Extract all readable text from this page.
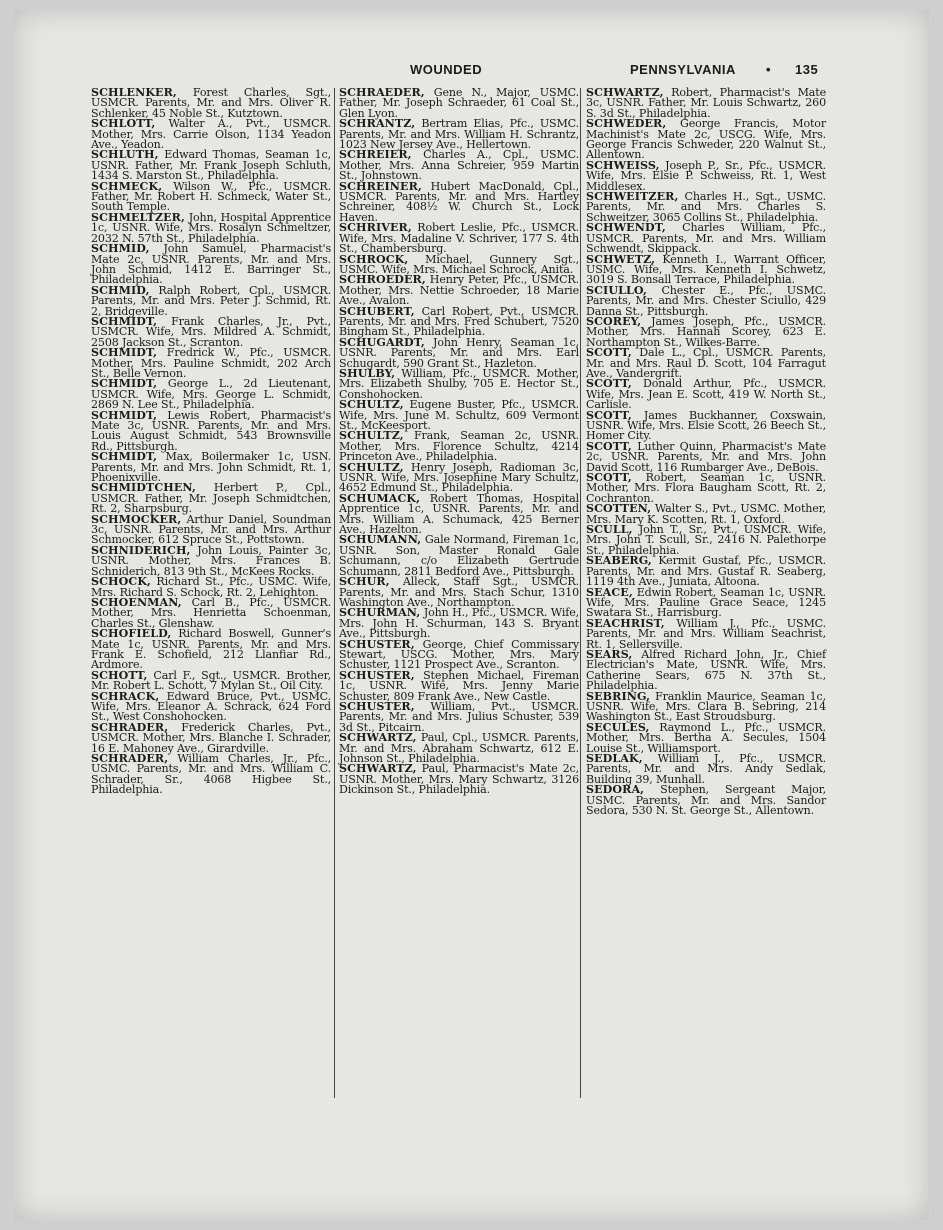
WOUNDED	PENNSYLVANIA • 135

SCHLENKER, Forest Charles, Sgt., USMCR. Parents, Mr. and Mrs. Oliver R. Schlenker, 45 Noble St., Kutztown.

SCHLOTT, Walter A., Pvt., USMCR. Mother, Mrs. Carrie Olson, 1134 Yeadon Ave., Yeadon.

SCHLUTH, Edward Thomas, Seaman 1c, USNR. Father, Mr. Frank Joseph Schluth, 1434 S. Marston St., Philadelphia.

SCHMECK, Wilson W., Pfc., USMCR. Father, Mr. Robert H. Schmeck, Water St., South Temple.

SCHMELTZER, John, Hospital Apprentice 1c, USNR. Wife, Mrs. Rosalyn Schmeltzer, 2032 N. 57th St., Philadelphia.

SCHMID, John Samuel, Pharmacist's Mate 2c, USNR. Parents, Mr. and Mrs. John Schmid, 1412 E. Barringer St., Philadelphia.

SCHMID, Ralph Robert, Cpl., USMCR. Parents, Mr. and Mrs. Peter J. Schmid, Rt. 2, Bridgeville.

SCHMIDT, Frank Charles, Jr., Pvt., USMCR. Wife, Mrs. Mildred A. Schmidt, 2508 Jackson St., Scranton.

SCHMIDT, Fredrick W., Pfc., USMCR. Mother, Mrs. Pauline Schmidt, 202 Arch St., Belle Vernon.

SCHMIDT, George L., 2d Lieutenant, USMCR. Wife, Mrs. George L. Schmidt, 2869 N. Lee St., Philadelphia.

SCHMIDT, Lewis Robert, Pharmacist's Mate 3c, USNR. Parents, Mr. and Mrs. Louis August Schmidt, 543 Brownsville Rd., Pittsburgh.

SCHMIDT, Max, Boilermaker 1c, USN. Parents, Mr. and Mrs. John Schmidt, Rt. 1, Phoenixville.

SCHMIDTCHEN, Herbert P., Cpl., USMCR. Father, Mr. Joseph Schmidtchen, Rt. 2, Sharpsburg.

SCHMOCKER, Arthur Daniel, Soundman 3c, USNR. Parents, Mr. and Mrs. Arthur Schmocker, 612 Spruce St., Pottstown.

SCHNIDERICH, John Louis, Painter 3c, USNR. Mother, Mrs. Frances B. Schniderich, 813 9th St., McKees Rocks.

SCHOCK, Richard St., Pfc., USMC. Wife, Mrs. Richard S. Schock, Rt. 2, Lehighton.

SCHOENMAN, Carl B., Pfc., USMCR. Mother, Mrs. Henrietta Schoenman, Charles St., Glenshaw.

SCHOFIELD, Richard Boswell, Gunner's Mate 1c, USNR. Parents, Mr. and Mrs. Frank E. Schofield, 212 Llanfiar Rd., Ardmore.

SCHOTT, Carl F., Sgt., USMCR. Brother, Mr. Robert L. Schott, 7 Mylan St., Oil City.

SCHRACK, Edward Bruce, Pvt., USMC. Wife, Mrs. Eleanor A. Schrack, 624 Ford St., West Conshohocken.

SCHRADER, Frederick Charles, Pvt., USMCR. Mother, Mrs. Blanche I. Schrader, 16 E. Mahoney Ave., Girardville.

SCHRADER, William Charles, Jr., Pfc., USMC. Parents, Mr. and Mrs. William C. Schrader, Sr., 4068 Higbee St., Philadelphia.

SCHRAEDER, Gene N., Major, USMC. Father, Mr. Joseph Schraeder, 61 Coal St., Glen Lyon.

SCHRANTZ, Bertram Elias, Pfc., USMC. Parents, Mr. and Mrs. William H. Schrantz, 1023 New Jersey Ave., Hellertown.

SCHREIER, Charles A., Cpl., USMC. Mother, Mrs. Anna Schreier, 959 Martin St., Johnstown.

SCHREINER, Hubert MacDonald, Cpl., USMCR. Parents, Mr. and Mrs. Hartley Schreiner, 408½ W. Church St., Lock Haven.

SCHRIVER, Robert Leslie, Pfc., USMCR. Wife, Mrs. Madaline V. Schriver, 177 S. 4th St., Chambersburg.

SCHROCK, Michael, Gunnery Sgt., USMC. Wife, Mrs. Michael Schrock, Anita.

SCHROEDER, Henry Peter, Pfc., USMCR. Mother, Mrs. Nettie Schroeder, 18 Marie Ave., Avalon.

SCHUBERT, Carl Robert, Pvt., USMCR. Parents, Mr. and Mrs. Fred Schubert, 7520 Bingham St., Philadelphia.

SCHUGARDT, John Henry, Seaman 1c, USNR. Parents, Mr. and Mrs. Earl Schugardt, 590 Grant St., Hazleton.

SHULBY, William, Pfc., USMCR. Mother, Mrs. Elizabeth Shulby, 705 E. Hector St., Conshohocken.

SCHULTZ, Eugene Buster, Pfc., USMCR. Wife, Mrs. June M. Schultz, 609 Vermont St., McKeesport.

SCHULTZ, Frank, Seaman 2c, USNR. Mother, Mrs. Florence Schultz, 4214 Princeton Ave., Philadelphia.

SCHULTZ, Henry Joseph, Radioman 3c, USNR. Wife, Mrs. Josephine Mary Schultz, 4652 Edmund St., Philadelphia.

SCHUMACK, Robert Thomas, Hospital Apprentice 1c, USNR. Parents, Mr. and Mrs. William A. Schumack, 425 Berner Ave., Hazelton.

SCHUMANN, Gale Normand, Fireman 1c, USNR. Son, Master Ronald Gale Schumann, c/o Elizabeth Gertrude Schumann, 2811 Bedford Ave., Pittsburgh.

SCHUR, Alleck, Staff Sgt., USMCR. Parents, Mr. and Mrs. Stach Schur, 1310 Washington Ave., Northampton.

SCHURMAN, John H., Pfc., USMCR. Wife, Mrs. John H. Schurman, 143 S. Bryant Ave., Pittsburgh.

SCHUSTER, George, Chief Commissary Stewart, USCG. Mother, Mrs. Mary Schuster, 1121 Prospect Ave., Scranton.

SCHUSTER, Stephen Michael, Fireman 1c, USNR. Wife, Mrs. Jenny Marie Schuster, 809 Frank Ave., New Castle.

SCHUSTER, William, Pvt., USMCR. Parents, Mr. and Mrs. Julius Schuster, 539 3d St., Pitcairn.

SCHWARTZ, Paul, Cpl., USMCR. Parents, Mr. and Mrs. Abraham Schwartz, 612 E. Johnson St., Philadelphia.

SCHWARTZ, Paul, Pharmacist's Mate 2c, USNR. Mother, Mrs. Mary Schwartz, 3126 Dickinson St., Philadelphia.

SCHWARTZ, Robert, Pharmacist's Mate 3c, USNR. Father, Mr. Louis Schwartz, 260 S. 3d St., Philadelphia.

SCHWEDER, George Francis, Motor Machinist's Mate 2c, USCG. Wife, Mrs. George Francis Schweder, 220 Walnut St., Allentown.

SCHWEISS, Joseph P., Sr., Pfc., USMCR. Wife, Mrs. Elsie P. Schweiss, Rt. 1, West Middlesex.

SCHWEITZER, Charles H., Sgt., USMC. Parents, Mr. and Mrs. Charles S. Schweitzer, 3065 Collins St., Philadelphia.

SCHWENDT, Charles William, Pfc., USMCR. Parents, Mr. and Mrs. William Schwendt, Skippack.

SCHWETZ, Kenneth I., Warrant Officer, USMC. Wife, Mrs. Kenneth I. Schwetz, 3019 S. Bonsall Terrace, Philadelphia.

SCIULLO, Chester E., Pfc., USMC. Parents, Mr. and Mrs. Chester Sciullo, 429 Danna St., Pittsburgh.

SCOREY, James Joseph, Pfc., USMCR. Mother, Mrs. Hannah Scorey, 623 E. Northampton St., Wilkes-Barre.

SCOTT, Dale L., Cpl., USMCR. Parents, Mr. and Mrs. Raul D. Scott, 104 Farragut Ave., Vandergrift.

SCOTT, Donald Arthur, Pfc., USMCR. Wife, Mrs. Jean E. Scott, 419 W. North St., Carlisle.

SCOTT, James Buckhanner, Coxswain, USNR. Wife, Mrs. Elsie Scott, 26 Beech St., Homer City.

SCOTT, Luther Quinn, Pharmacist's Mate 2c, USNR. Parents, Mr. and Mrs. John David Scott, 116 Rumbarger Ave., DeBois.

SCOTT, Robert, Seaman 1c, USNR. Mother, Mrs. Flora Baugham Scott, Rt. 2, Cochranton.

SCOTTEN, Walter S., Pvt., USMC. Mother, Mrs. Mary K. Scotten, Rt. 1, Oxford.

SCULL, John T., Sr., Pvt., USMCR. Wife, Mrs. John T. Scull, Sr., 2416 N. Palethorpe St., Philadelphia.

SEABERG, Kermit Gustaf, Pfc., USMCR. Parents, Mr. and Mrs. Gustaf R. Seaberg, 1119 4th Ave., Juniata, Altoona.

SEACE, Edwin Robert, Seaman 1c, USNR. Wife, Mrs. Pauline Grace Seace, 1245 Swatara St., Harrisburg.

SEACHRIST, William J., Pfc., USMC. Parents, Mr. and Mrs. William Seachrist, Rt. 1, Sellersville.

SEARS, Alfred Richard John, Jr., Chief Electrician's Mate, USNR. Wife, Mrs. Catherine Sears, 675 N. 37th St., Philadelphia.

SEBRING, Franklin Maurice, Seaman 1c, USNR. Wife, Mrs. Clara B. Sebring, 214 Washington St., East Stroudsburg.

SECULES, Raymond L., Pfc., USMCR. Mother, Mrs. Bertha A. Secules, 1504 Louise St., Williamsport.

SEDLAK, William J., Pfc., USMCR. Parents, Mr. and Mrs. Andy Sedlak, Building 39, Munhall.

SEDORA, Stephen, Sergeant Major, USMC. Parents, Mr. and Mrs. Sandor Sedora, 530 N. St. George St., Allentown.
